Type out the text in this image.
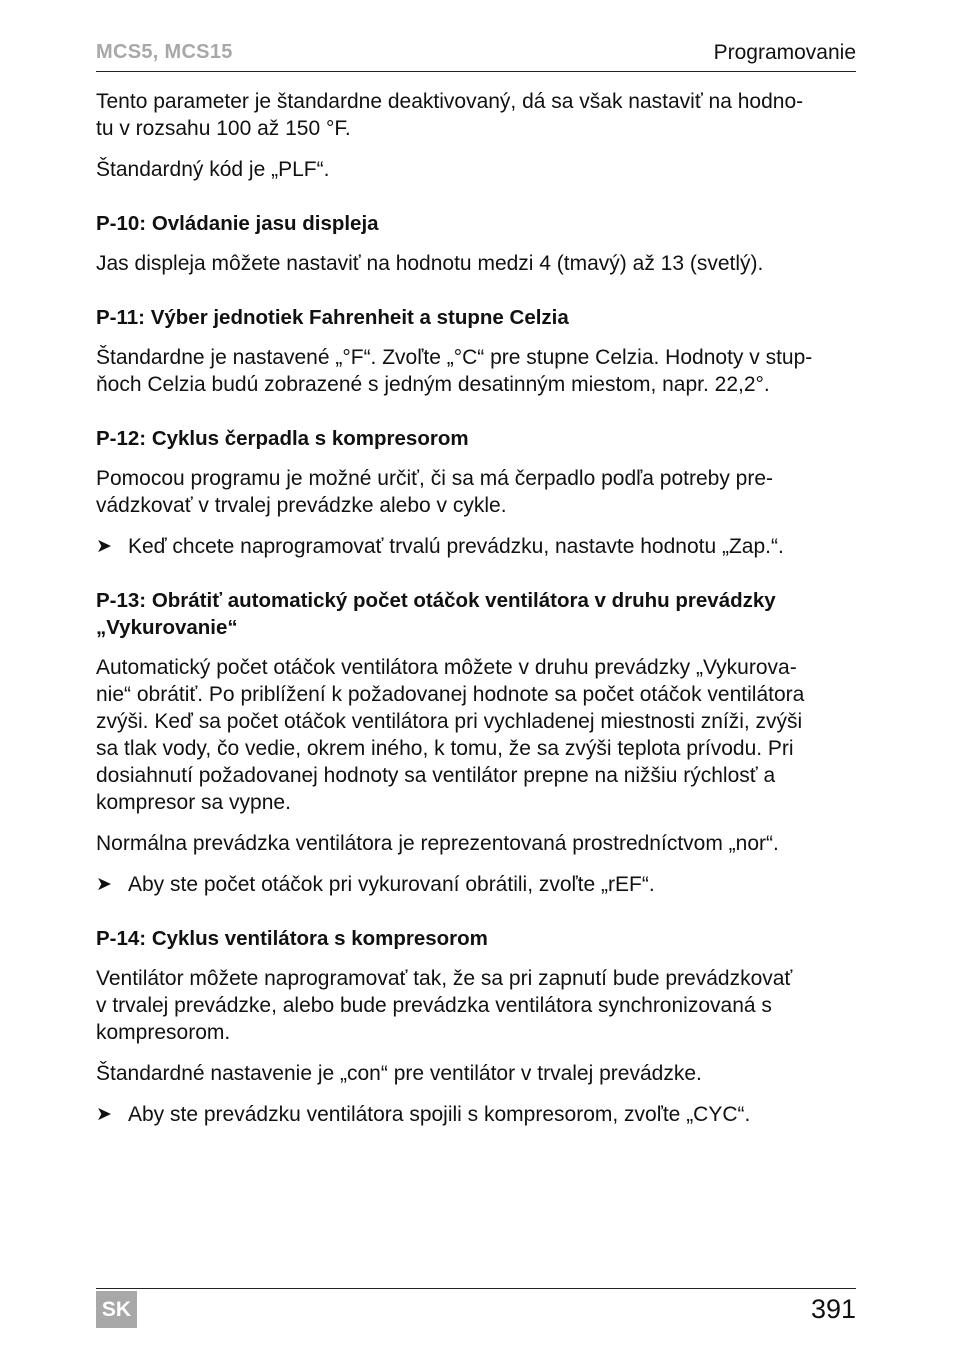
MCS5, MCS15	Programovanie

Tento parameter je štandardne deaktivovaný, dá sa však nastaviť na hodno-
tu v rozsahu 100 až 150 °F.

Štandardný kód je „PLF“.

P-10: Ovládanie jasu displeja

Jas displeja môžete nastaviť na hodnotu medzi 4 (tmavý) až 13 (svetlý).

P-11: Výber jednotiek Fahrenheit a stupne Celzia

Štandardne je nastavené „°F“. Zvoľte „°C“ pre stupne Celzia. Hodnoty v stup-
ňoch Celzia budú zobrazené s jedným desatinným miestom, napr. 22,2°.

P-12: Cyklus čerpadla s kompresorom

Pomocou programu je možné určiť, či sa má čerpadlo podľa potreby pre-
vádzkovať v trvalej prevádzke alebo v cykle.

➤ Keď chcete naprogramovať trvalú prevádzku, nastavte hodnotu „Zap.“.
P-13: Obrátiť automatický počet otáčok ventilátora v druhu prevádzky
„Vykurovanie“

Automatický počet otáčok ventilátora môžete v druhu prevádzky „Vykurova-
nie“ obrátiť. Po priblížení k požadovanej hodnote sa počet otáčok ventilátora
zvýši. Keď sa počet otáčok ventilátora pri vychladenej miestnosti zníži, zvýši
sa tlak vody, čo vedie, okrem iného, k tomu, že sa zvýši teplota prívodu. Pri
dosiahnutí požadovanej hodnoty sa ventilátor prepne na nižšiu rýchlosť a
kompresor sa vypne.

Normálna prevádzka ventilátora je reprezentovaná prostredníctvom „nor“.

➤ Aby ste počet otáčok pri vykurovaní obrátili, zvoľte „rEF“.
P-14: Cyklus ventilátora s kompresorom

Ventilátor môžete naprogramovať tak, že sa pri zapnutí bude prevádzkovať
v trvalej prevádzke, alebo bude prevádzka ventilátora synchronizovaná s
kompresorom.

Štandardné nastavenie je „con“ pre ventilátor v trvalej prevádzke.

➤ Aby ste prevádzku ventilátora spojili s kompresorom, zvoľte „CYC“.
SK	391
